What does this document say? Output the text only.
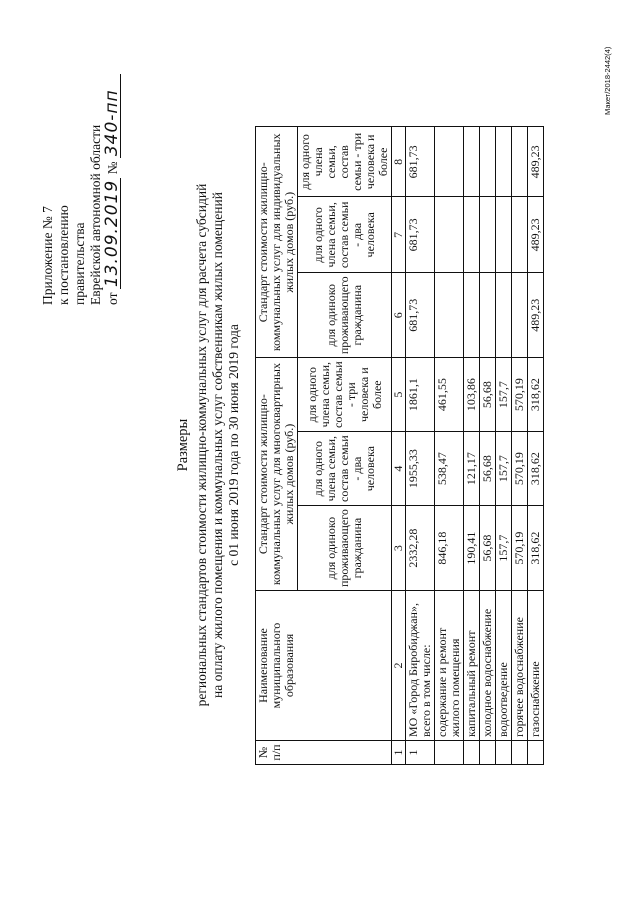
Приложение № 7 к постановлению правительства Еврейской автономной области от 13.09.2019 № 340-пп
Размеры региональных стандартов стоимости жилищно-коммунальных услуг для расчета субсидий на оплату жилого помещения и коммунальных услуг собственникам жилых помещений с 01 июня 2019 года по 30 июня 2019 года
№ п/п	Наименование муниципального образования	Стандарт стоимости жилищно-коммунальных услуг для многоквартирных жилых домов (руб.)			Стандарт стоимости жилищно-коммунальных услуг для индивидуальных жилых домов (руб.)		
		для одиноко проживающего гражданина	для одного члена семьи, состав семьи - два человека	для одного члена семьи, состав семьи - три человека и более	для одиноко проживающего гражданина	для одного члена семьи, состав семьи - два человека	для одного члена семьи, состав семьи - три человека и более
1	2	3	4	5	6	7	8
1	МО «Город Биробиджан», всего в том числе:	2332,28	1955,33	1861,1	681,73	681,73	681,73
	содержание и ремонт жилого помещения	846,18	538,47	461,55			
	капитальный ремонт	190,41	121,17	103,86			
	холодное водоснабжение	56,68	56,68	56,68			
	водоотведение	157,7	157,7	157,7			
	горячее водоснабжение	570,19	570,19	570,19			
	газоснабжение	318,62	318,62	318,62	489,23	489,23	489,23
Макет/2018-2442(4)
